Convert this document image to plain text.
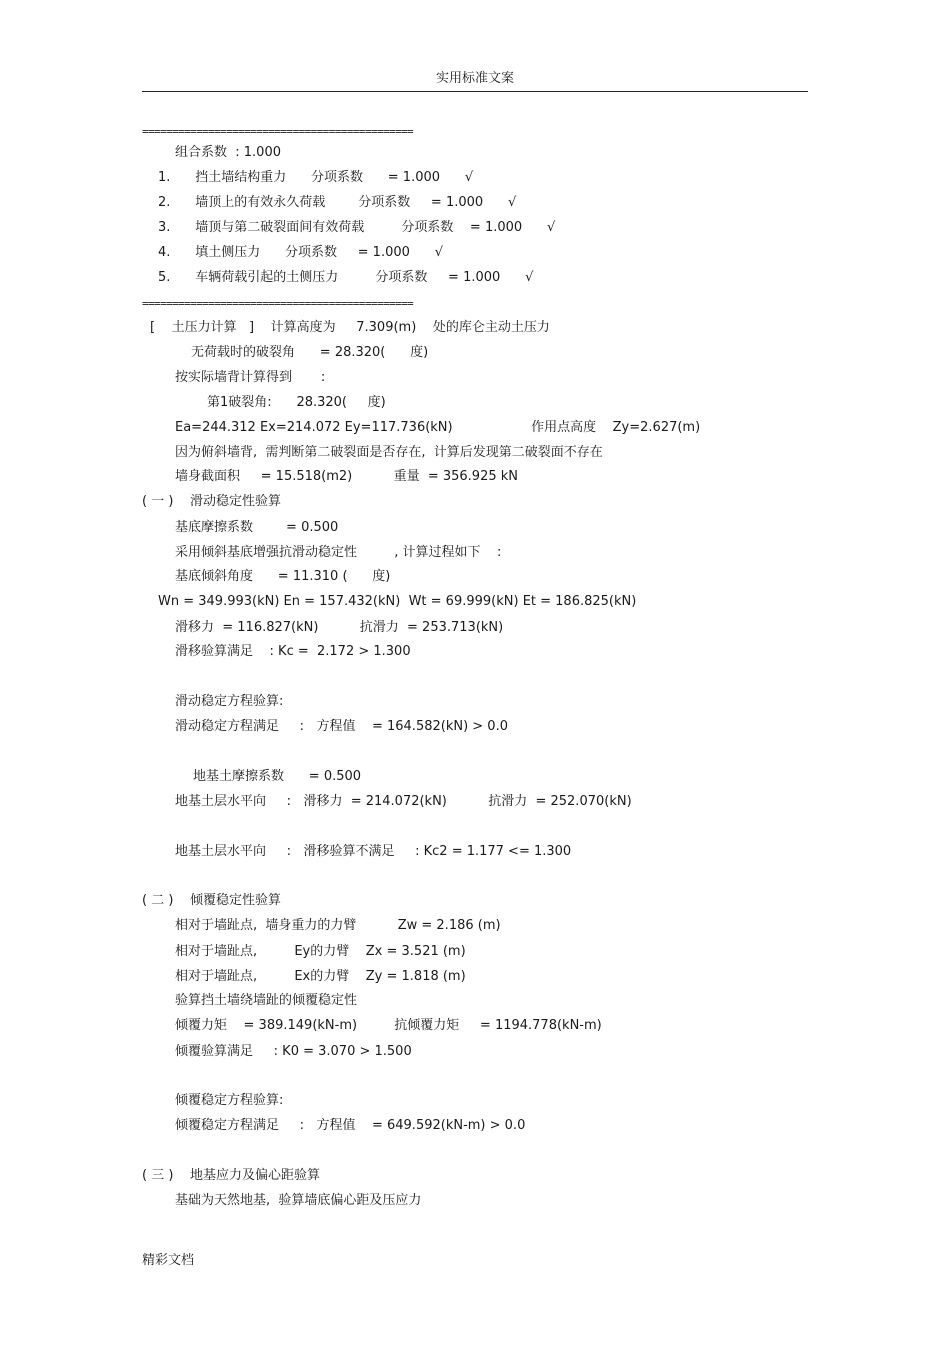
实用标准文案
=============================================
组合系数  : 1.000
1.      挡土墙结构重力      分项系数      = 1.000      √
2.      墙顶上的有效永久荷载        分项系数     = 1.000      √
3.      墙顶与第二破裂面间有效荷载         分项系数    = 1.000      √
4.      填土侧压力      分项系数     = 1.000      √
5.      车辆荷载引起的土侧压力         分项系数     = 1.000      √
=============================================
[    土压力计算   ]    计算高度为     7.309(m)    处的库仑主动土压力
无荷载时的破裂角      = 28.320(      度)
按实际墙背计算得到       :
第1破裂角:      28.320(     度)
Ea=244.312 Ex=214.072 Ey=117.736(kN)                   作用点高度    Zy=2.627(m)
因为俯斜墙背,  需判断第二破裂面是否存在,  计算后发现第二破裂面不存在
墙身截面积     = 15.518(m2)          重量  = 356.925 kN
( 一 )    滑动稳定性验算
基底摩擦系数        = 0.500
采用倾斜基底增强抗滑动稳定性         , 计算过程如下    :
基底倾斜角度      = 11.310 (      度)
Wn = 349.993(kN) En = 157.432(kN)  Wt = 69.999(kN) Et = 186.825(kN)
滑移力  = 116.827(kN)          抗滑力  = 253.713(kN)
滑移验算满足    : Kc =  2.172 > 1.300
滑动稳定方程验算:
滑动稳定方程满足     :   方程值    = 164.582(kN) > 0.0
地基土摩擦系数      = 0.500
地基土层水平向     :   滑移力  = 214.072(kN)          抗滑力  = 252.070(kN)
地基土层水平向     :   滑移验算不满足     : Kc2 = 1.177 <= 1.300
( 二 )    倾覆稳定性验算
相对于墙趾点,  墙身重力的力臂          Zw = 2.186 (m)
相对于墙趾点,         Ey的力臂    Zx = 3.521 (m)
相对于墙趾点,         Ex的力臂    Zy = 1.818 (m)
验算挡土墙绕墙趾的倾覆稳定性
倾覆力矩    = 389.149(kN-m)         抗倾覆力矩     = 1194.778(kN-m)
倾覆验算满足     : K0 = 3.070 > 1.500
倾覆稳定方程验算:
倾覆稳定方程满足     :   方程值    = 649.592(kN-m) > 0.0
( 三 )    地基应力及偏心距验算
基础为天然地基,  验算墙底偏心距及压应力
精彩文档
